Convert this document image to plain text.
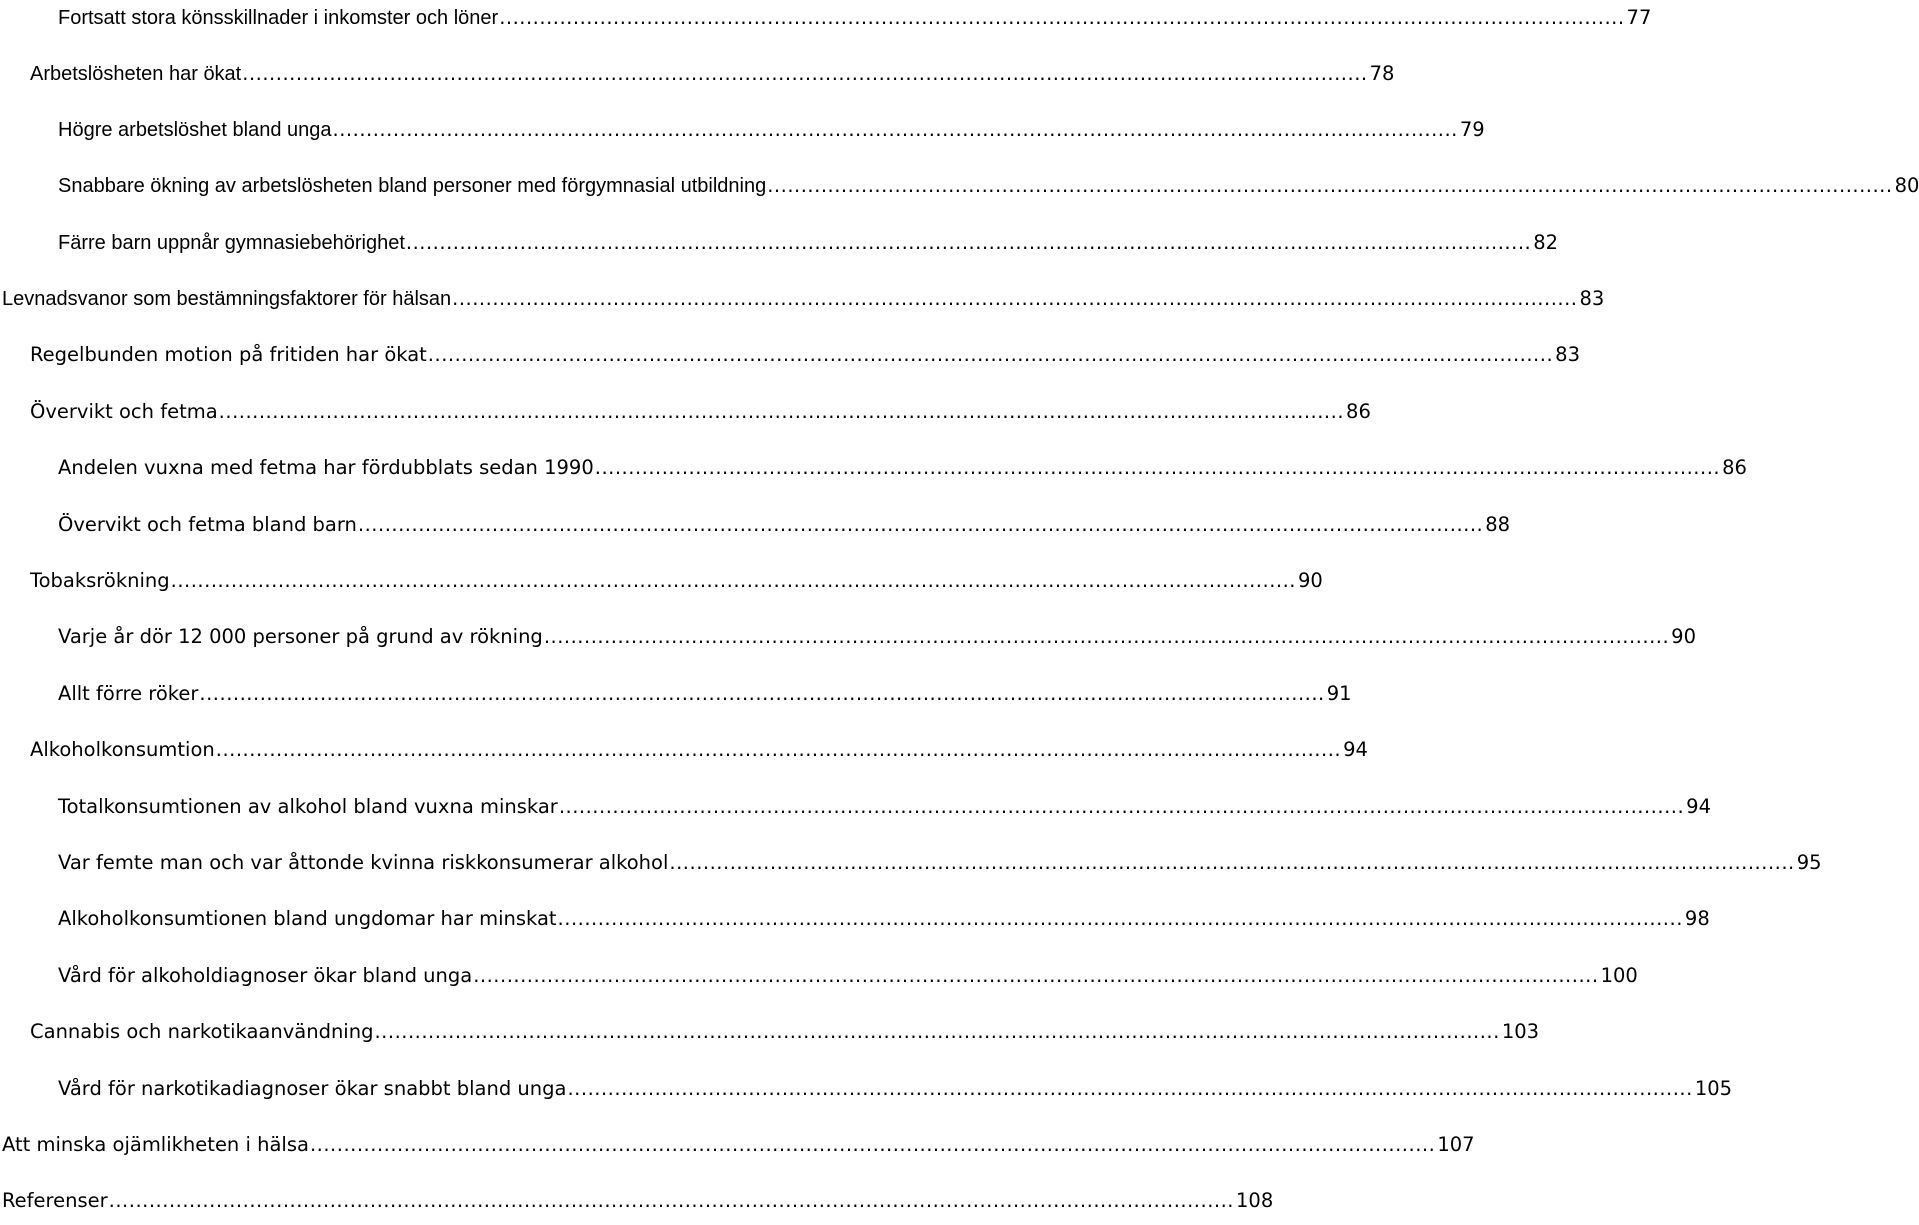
Fortsatt stora könsskillnader i inkomster och löner ........................................................................................................................................................................ 77
Arbetslösheten har ökat ........................................................................................................................................................................ 78
Högre arbetslöshet bland unga ........................................................................................................................................................................ 79
Snabbare ökning av arbetslösheten bland personer med förgymnasial utbildning ........................................................................................................................................................................ 80
Färre barn uppnår gymnasiebehörighet ........................................................................................................................................................................ 82
Levnadsvanor som bestämningsfaktorer för hälsan ........................................................................................................................................................................ 83
Regelbunden motion på fritiden har ökat ........................................................................................................................................................................ 83
Övervikt och fetma ........................................................................................................................................................................ 86
Andelen vuxna med fetma har fördubblats sedan 1990 ........................................................................................................................................................................ 86
Övervikt och fetma bland barn ........................................................................................................................................................................ 88
Tobaksrökning ........................................................................................................................................................................ 90
Varje år dör 12 000 personer på grund av rökning ........................................................................................................................................................................ 90
Allt förre röker ........................................................................................................................................................................ 91
Alkoholkonsumtion ........................................................................................................................................................................ 94
Totalkonsumtionen av alkohol bland vuxna minskar ........................................................................................................................................................................ 94
Var femte man och var åttonde kvinna riskkonsumerar alkohol ........................................................................................................................................................................ 95
Alkoholkonsumtionen bland ungdomar har minskat ........................................................................................................................................................................ 98
Vård för alkoholdiagnoser ökar bland unga ........................................................................................................................................................................ 100
Cannabis och narkotikaanvändning ........................................................................................................................................................................ 103
Vård för narkotikadiagnoser ökar snabbt bland unga ........................................................................................................................................................................ 105
Att minska ojämlikheten i hälsa ........................................................................................................................................................................ 107
Referenser ........................................................................................................................................................................ 108
